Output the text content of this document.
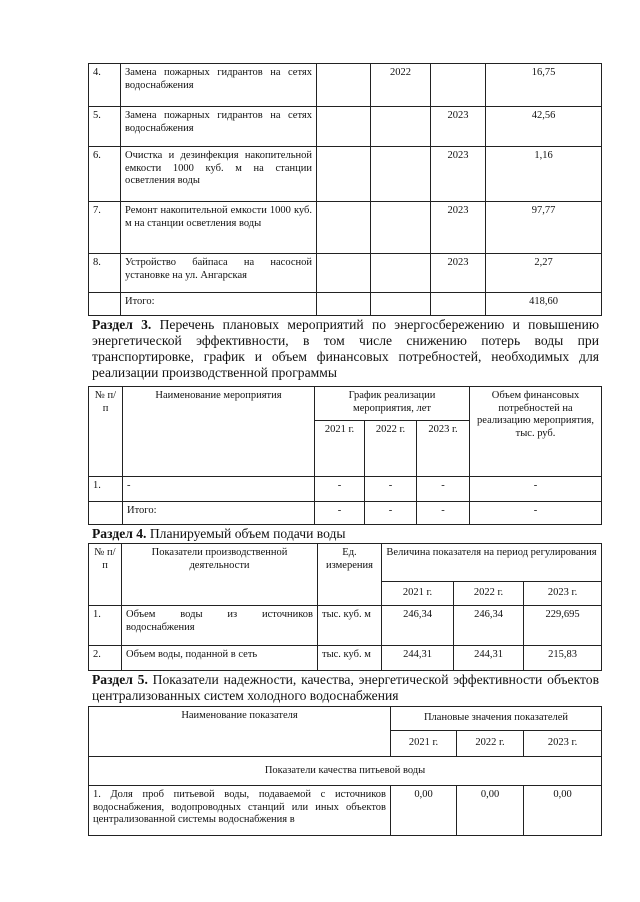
4.	Замена пожарных гидрантов на сетях водоснабжения		2022		16,75
5.	Замена пожарных гидрантов на сетях водоснабжения			2023	42,56
6.	Очистка и дезинфекция накопительной емкости 1000 куб. м на станции осветления воды			2023	1,16
7.	Ремонт накопительной емкости 1000 куб. м на станции осветления воды			2023	97,77
8.	Устройство байпаса на насосной установке на ул. Ангарская			2023	2,27
	Итого:				418,60
Раздел 3. Перечень плановых мероприятий по энергосбережению и повышению энергетической эффективности, в том числе снижению потерь воды при транспортировке, график и объем финансовых потребностей, необходимых для реализации производственной программы
№ п/п	Наименование мероприятия	График реализации мероприятия, лет			Объем финансовых потребностей на реализацию мероприятия, тыс. руб.
		2021 г.	2022 г.	2023 г.	
1.	-	-	-	-	-
	Итого:	-	-	-	-
Раздел 4. Планируемый объем подачи воды
№ п/п	Показатели производственной деятельности	Ед. измерения	Величина показателя на период регулирования		
			2021 г.	2022 г.	2023 г.
1.	Объем воды из источников водоснабжения	тыс. куб. м	246,34	246,34	229,695
2.	Объем воды, поданной в сеть	тыс. куб. м	244,31	244,31	215,83
Раздел 5. Показатели надежности, качества, энергетической эффективности объектов централизованных систем холодного водоснабжения
Наименование показателя	Плановые значения показателей		
	2021 г.	2022 г.	2023 г.
Показатели качества питьевой воды			
1. Доля проб питьевой воды, подаваемой с источников водоснабжения, водопроводных станций или иных объектов централизованной системы водоснабжения в	0,00	0,00	0,00
